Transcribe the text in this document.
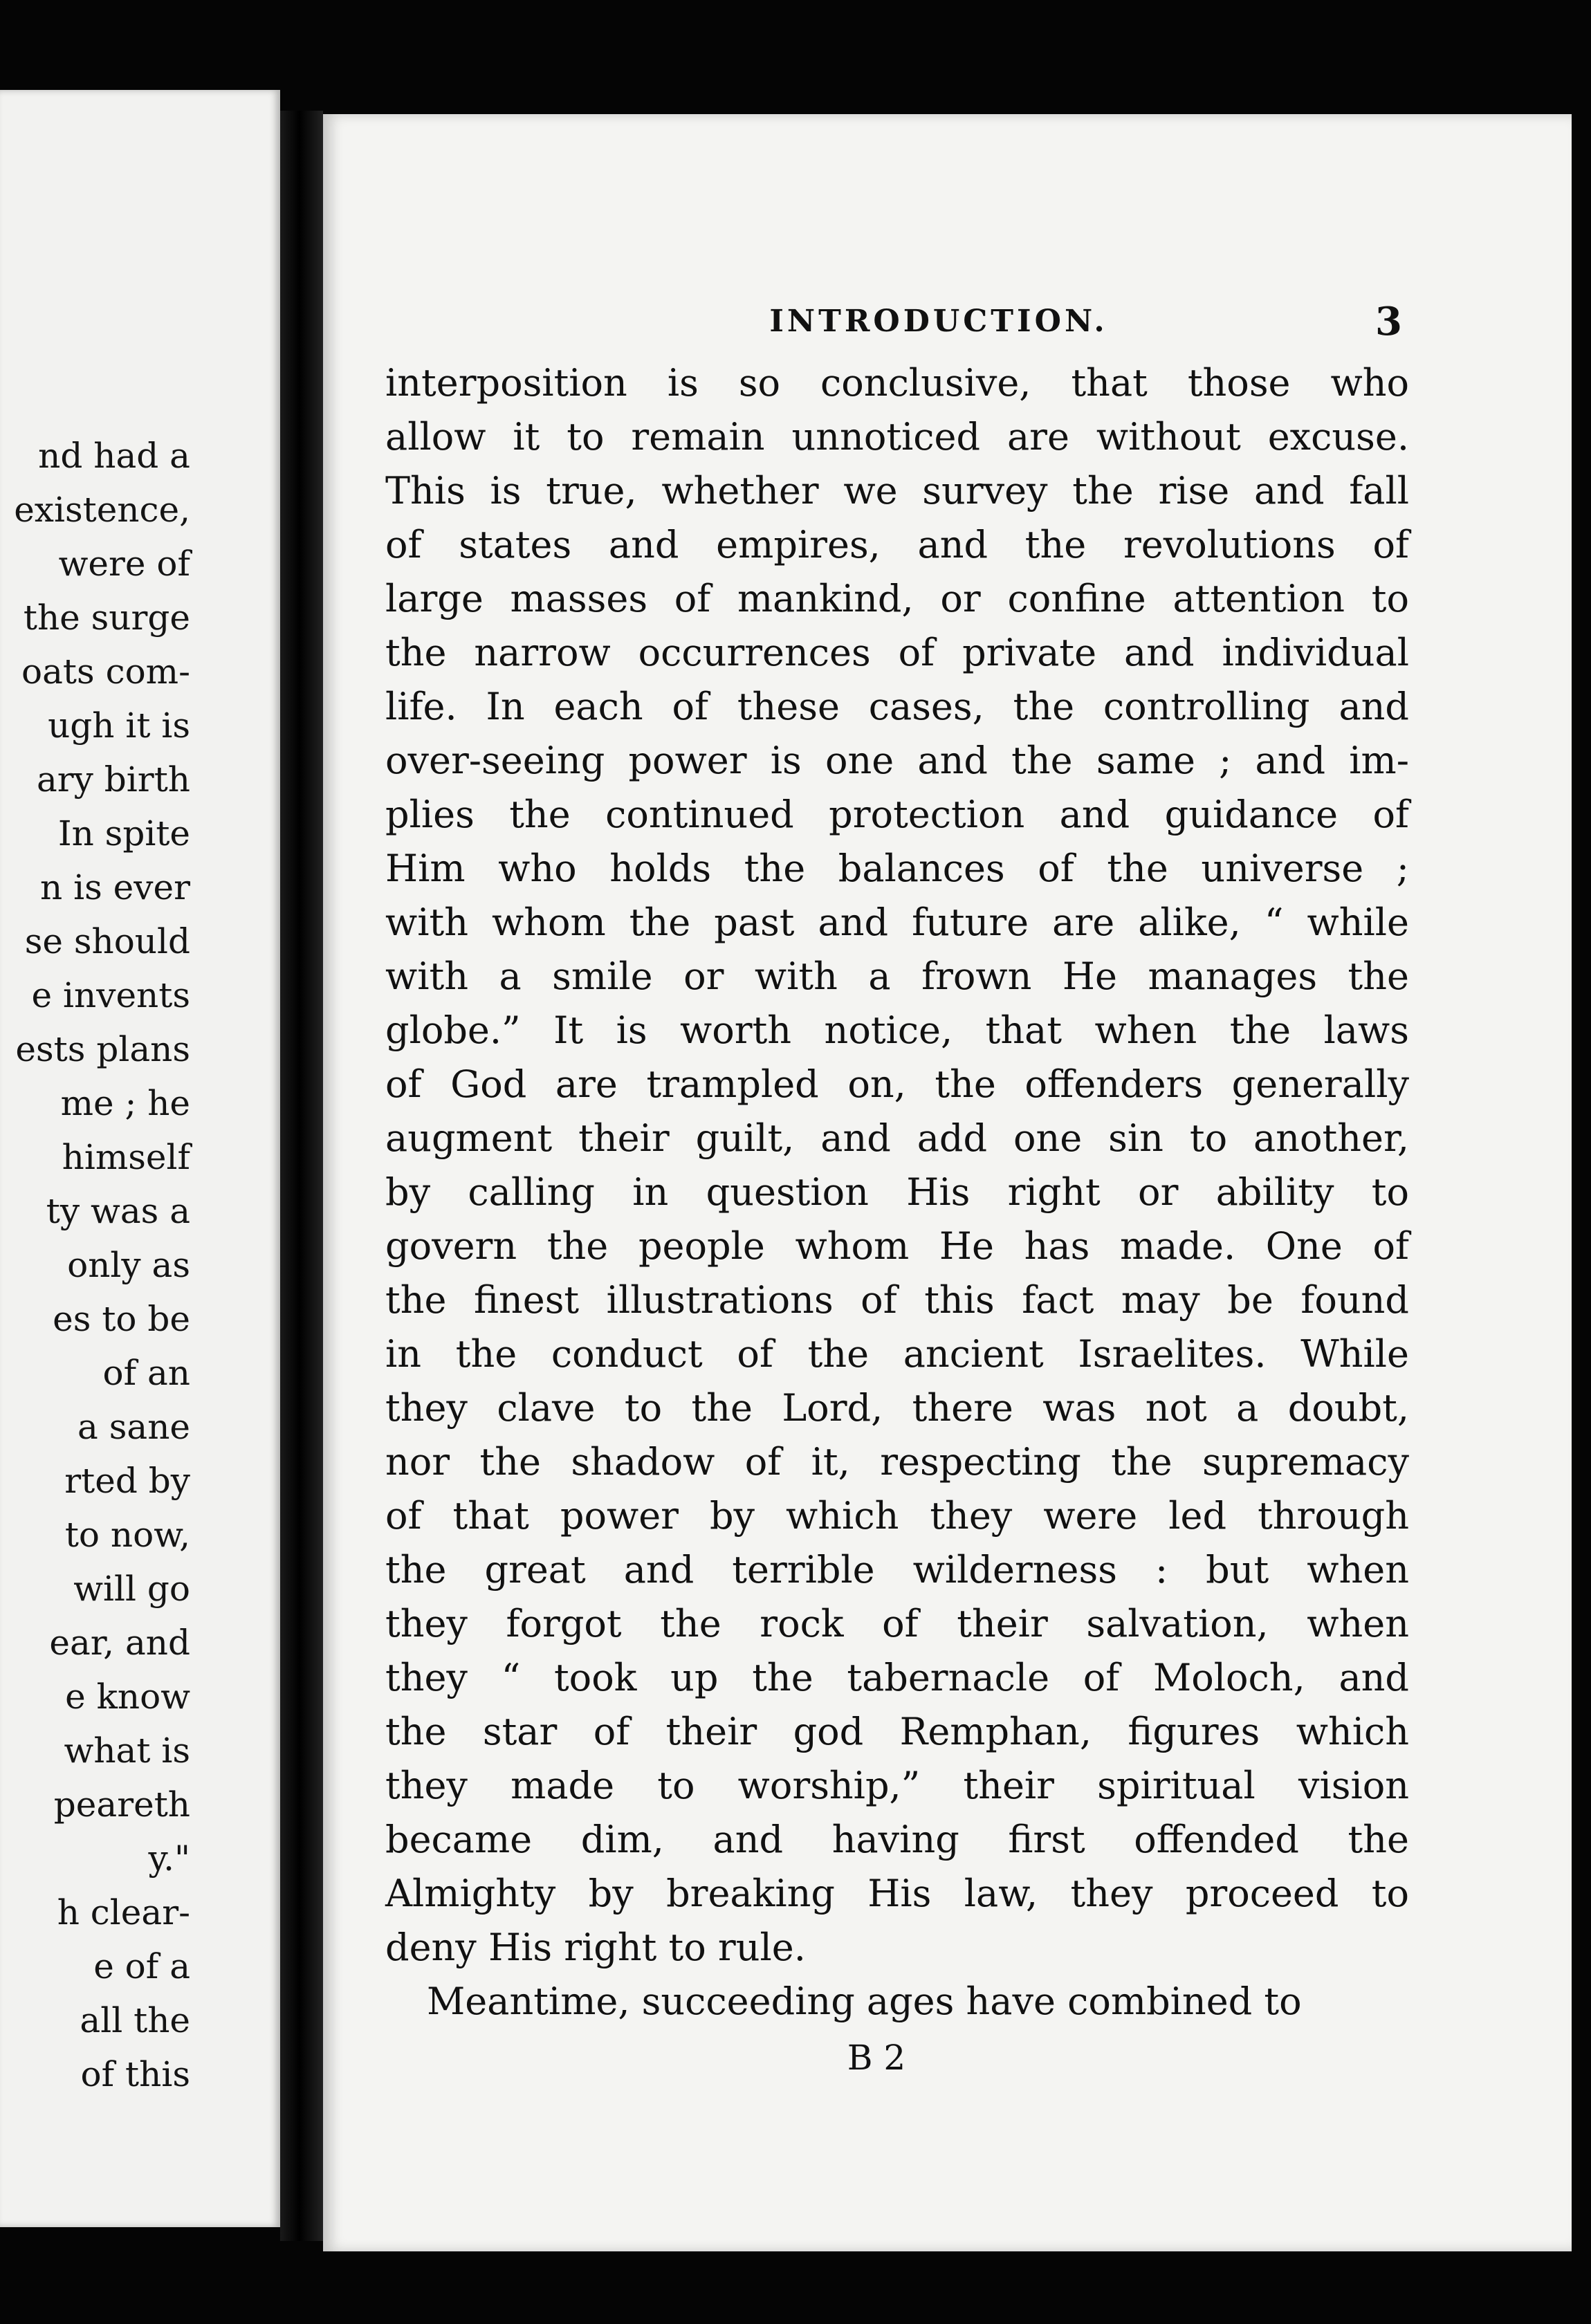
nd had a
existence,
were of
the surge
oats com-
ugh it is
ary birth
In spite
n is ever
se should
e invents
ests plans
me ; he
himself
ty was a
only as
es to be
of an
a sane
rted by
to now,
will go
ear, and
e know
what is
peareth
y."
h clear-
e of a
all the
of this
INTRODUCTION.	3
interposition is so conclusive, that those who
allow it to remain unnoticed are without excuse.
This is true, whether we survey the rise and fall
of states and empires, and the revolutions of
large masses of mankind, or confine attention to
the narrow occurrences of private and individual
life. In each of these cases, the controlling and
over-seeing power is one and the same ; and im-
plies the continued protection and guidance of
Him who holds the balances of the universe ;
with whom the past and future are alike, “ while
with a smile or with a frown He manages the
globe.” It is worth notice, that when the laws
of God are trampled on, the offenders generally
augment their guilt, and add one sin to another,
by calling in question His right or ability to
govern the people whom He has made. One of
the finest illustrations of this fact may be found
in the conduct of the ancient Israelites. While
they clave to the Lord, there was not a doubt,
nor the shadow of it, respecting the supremacy
of that power by which they were led through
the great and terrible wilderness : but when
they forgot the rock of their salvation, when
they “ took up the tabernacle of Moloch, and
the star of their god Remphan, figures which
they made to worship,” their spiritual vision
became dim, and having first offended the
Almighty by breaking His law, they proceed to
deny His right to rule.
Meantime, succeeding ages have combined to
B 2
